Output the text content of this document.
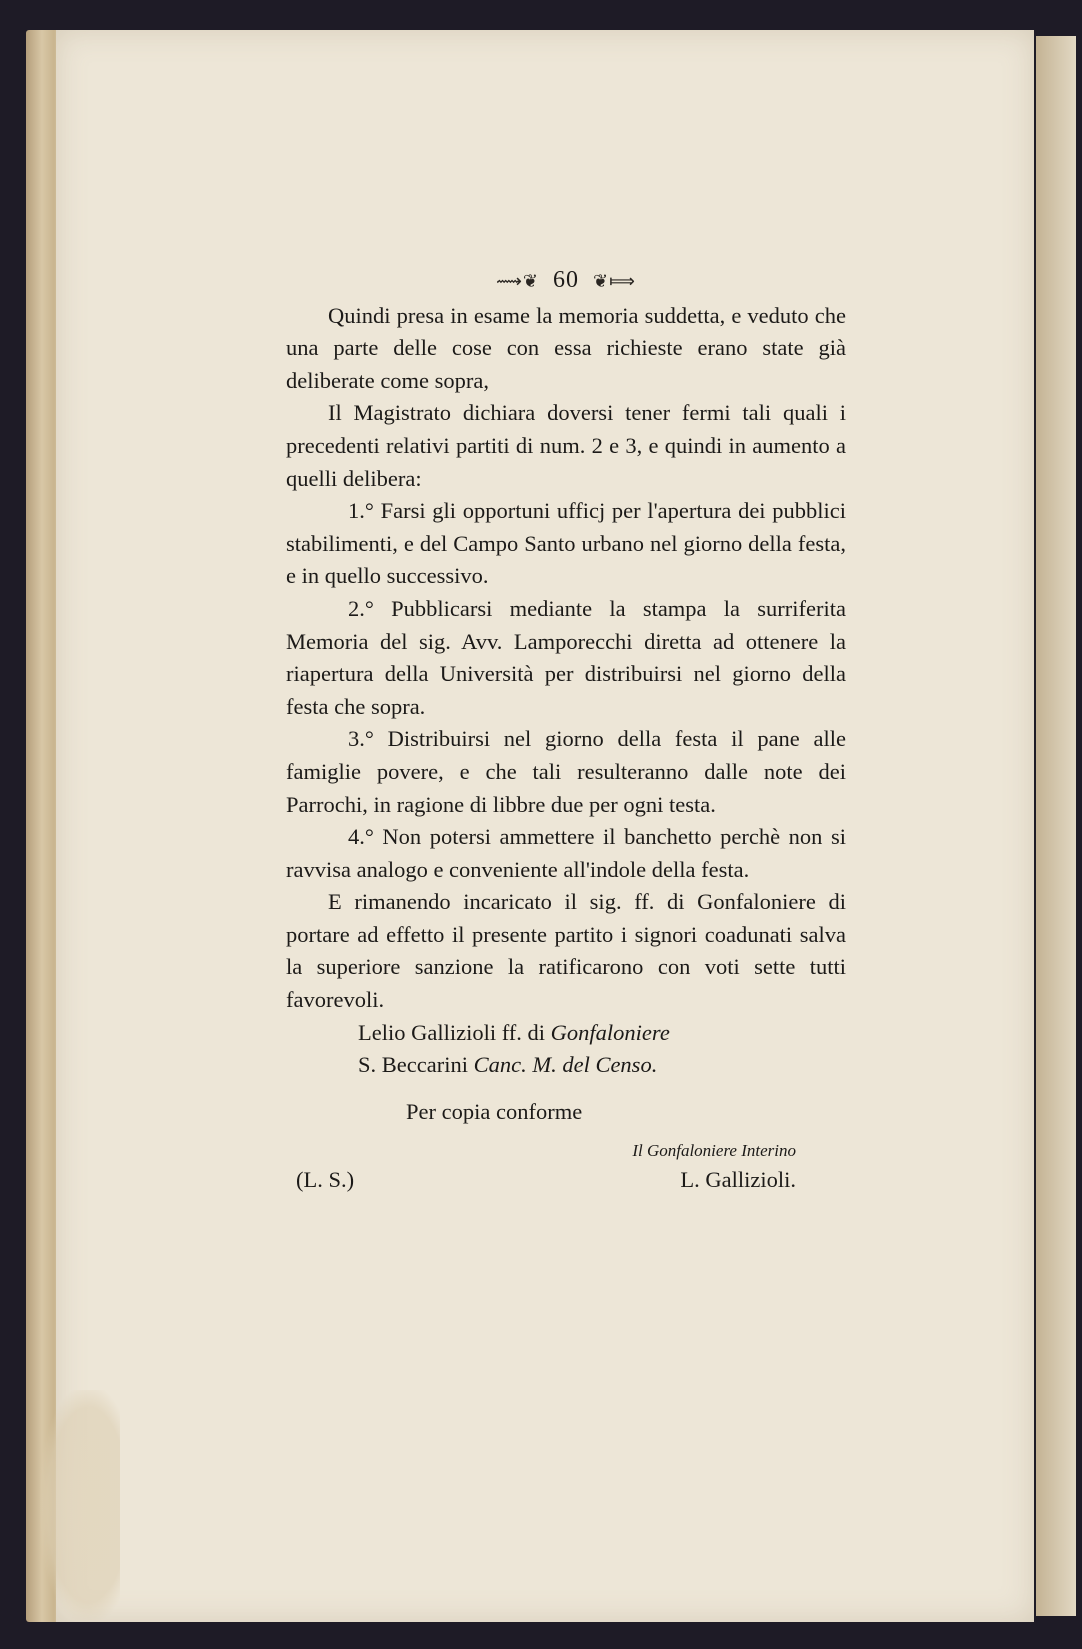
⟿❦ 60 ❦⟾

Quindi presa in esame la memoria suddetta, e veduto che una parte delle cose con essa richieste erano state già deliberate come sopra,

Il Magistrato dichiara doversi tener fermi tali quali i precedenti relativi partiti di num. 2 e 3, e quindi in aumento a quelli delibera:

1.° Farsi gli opportuni ufficj per l'apertura dei pubblici stabilimenti, e del Campo Santo urbano nel giorno della festa, e in quello successivo.

2.° Pubblicarsi mediante la stampa la surriferita Memoria del sig. Avv. Lamporecchi diretta ad ottenere la riapertura della Università per distribuirsi nel giorno della festa che sopra.

3.° Distribuirsi nel giorno della festa il pane alle famiglie povere, e che tali resulteranno dalle note dei Parrochi, in ragione di libbre due per ogni testa.

4.° Non potersi ammettere il banchetto perchè non si ravvisa analogo e conveniente all'indole della festa.

E rimanendo incaricato il sig. ff. di Gonfaloniere di portare ad effetto il presente partito i signori coadunati salva la superiore sanzione la ratificarono con voti sette tutti favorevoli.

Lelio Gallizioli ff. di Gonfaloniere
S. Beccarini Canc. M. del Censo.
Per copia conforme
Il Gonfaloniere Interino
(L. S.)	L. Gallizioli.
